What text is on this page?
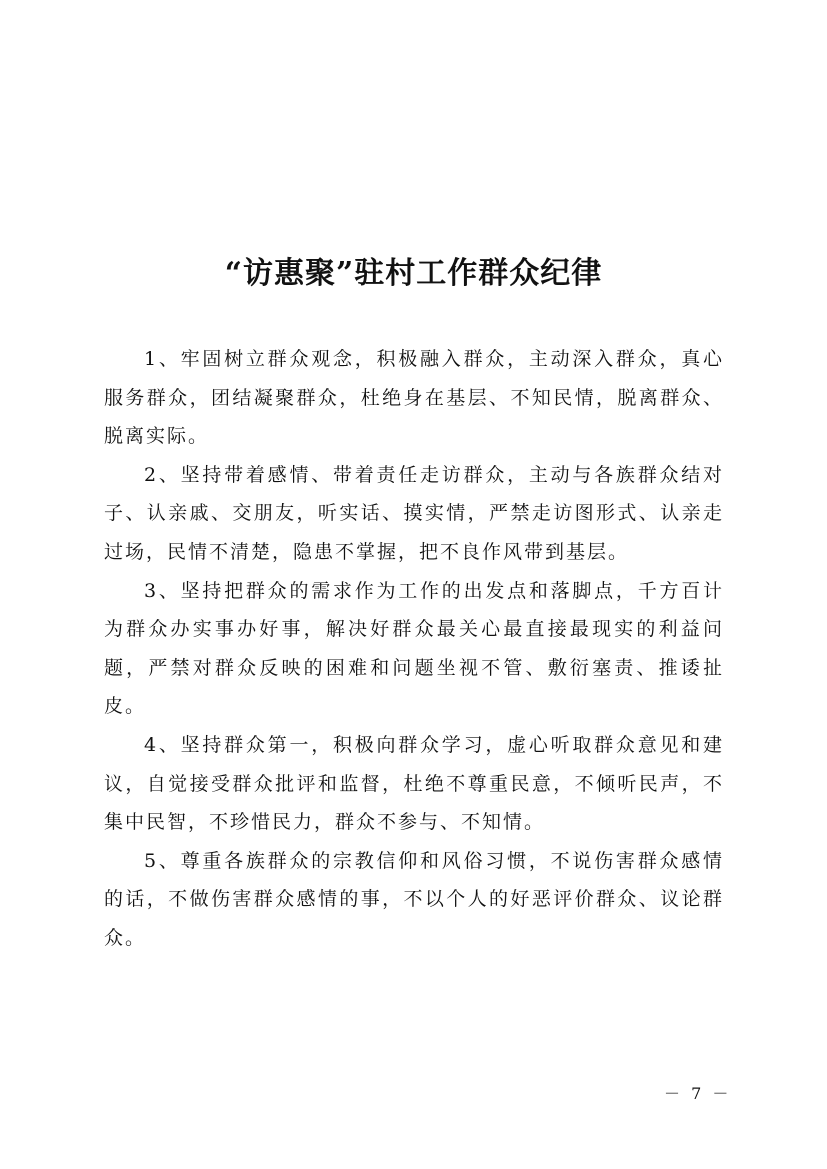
“访惠聚”驻村工作群众纪律

1、牢固树立群众观念，积极融入群众，主动深入群众，真心服务群众，团结凝聚群众，杜绝身在基层、不知民情，脱离群众、脱离实际。

2、坚持带着感情、带着责任走访群众，主动与各族群众结对子、认亲戚、交朋友，听实话、摸实情，严禁走访图形式、认亲走过场，民情不清楚，隐患不掌握，把不良作风带到基层。

3、坚持把群众的需求作为工作的出发点和落脚点，千方百计为群众办实事办好事，解决好群众最关心最直接最现实的利益问题，严禁对群众反映的困难和问题坐视不管、敷衍塞责、推诿扯皮。

4、坚持群众第一，积极向群众学习，虚心听取群众意见和建议，自觉接受群众批评和监督，杜绝不尊重民意，不倾听民声，不集中民智，不珍惜民力，群众不参与、不知情。

5、尊重各族群众的宗教信仰和风俗习惯，不说伤害群众感情的话，不做伤害群众感情的事，不以个人的好恶评价群众、议论群众。

－ 7 －
